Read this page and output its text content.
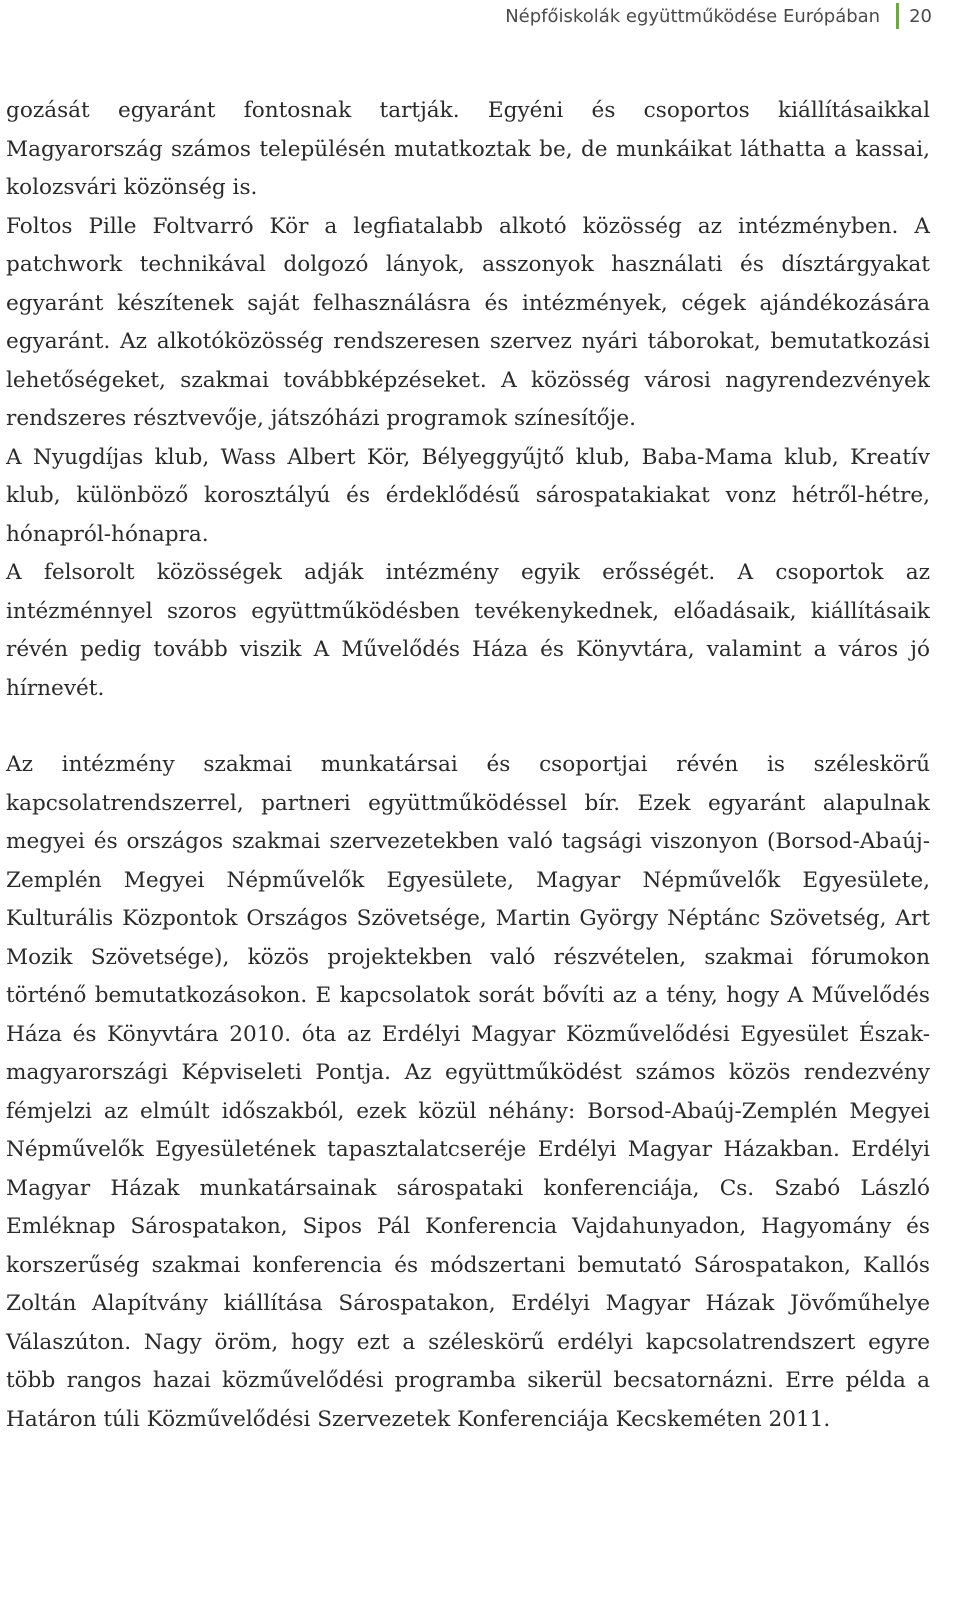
Népfőiskolák együttműködése Európában 20

gozását egyaránt fontosnak tartják. Egyéni és csoportos kiállításaikkal Magyarország számos településén mutatkoztak be, de munkáikat láthatta a kassai, kolozsvári közönség is.

Foltos Pille Foltvarró Kör a legfiatalabb alkotó közösség az intézményben. A patchwork technikával dolgozó lányok, asszonyok használati és dísztárgyakat egyaránt készítenek saját felhasználásra és intézmények, cégek ajándékozására egyaránt. Az alkotóközösség rendszeresen szervez nyári táborokat, bemutatkozási lehetőségeket, szakmai továbbképzéseket. A közösség városi nagyrendezvények rendszeres résztvevője, játszóházi programok színesítője.

A Nyugdíjas klub, Wass Albert Kör, Bélyeggyűjtő klub, Baba-Mama klub, Kreatív klub, különböző korosztályú és érdeklődésű sárospatakiakat vonz hétről-hétre, hónapról-hónapra.

A felsorolt közösségek adják intézmény egyik erősségét. A csoportok az intézménnyel szoros együttműködésben tevékenykednek, előadásaik, kiállításaik révén pedig tovább viszik A Művelődés Háza és Könyvtára, valamint a város jó hírnevét.

Az intézmény szakmai munkatársai és csoportjai révén is széleskörű kapcsolatrendszerrel, partneri együttműködéssel bír. Ezek egyaránt alapulnak megyei és országos szakmai szervezetekben való tagsági viszonyon (Borsod-Abaúj-Zemplén Megyei Népművelők Egyesülete, Magyar Népművelők Egyesülete, Kulturális Központok Országos Szövetsége, Martin György Néptánc Szövetség, Art Mozik Szövetsége), közös projektekben való részvételen, szakmai fórumokon történő bemutatkozásokon. E kapcsolatok sorát bővíti az a tény, hogy A Művelődés Háza és Könyvtára 2010. óta az Erdélyi Magyar Közművelődési Egyesület Észak-magyarországi Képviseleti Pontja. Az együttműködést számos közös rendezvény fémjelzi az elmúlt időszakból, ezek közül néhány: Borsod-Abaúj-Zemplén Megyei Népművelők Egyesületének tapasztalatcseréje Erdélyi Magyar Házakban. Erdélyi Magyar Házak munkatársainak sárospataki konferenciája, Cs. Szabó László Emléknap Sárospatakon, Sipos Pál Konferencia Vajdahunyadon, Hagyomány és korszerűség szakmai konferencia és módszertani bemutató Sárospatakon, Kallós Zoltán Alapítvány kiállítása Sárospatakon, Erdélyi Magyar Házak Jövőműhelye Válaszúton. Nagy öröm, hogy ezt a széleskörű erdélyi kapcsolatrendszert egyre több rangos hazai közművelődési programba sikerül becsatornázni. Erre példa a Határon túli Közművelődési Szervezetek Konferenciája Kecskeméten 2011.
